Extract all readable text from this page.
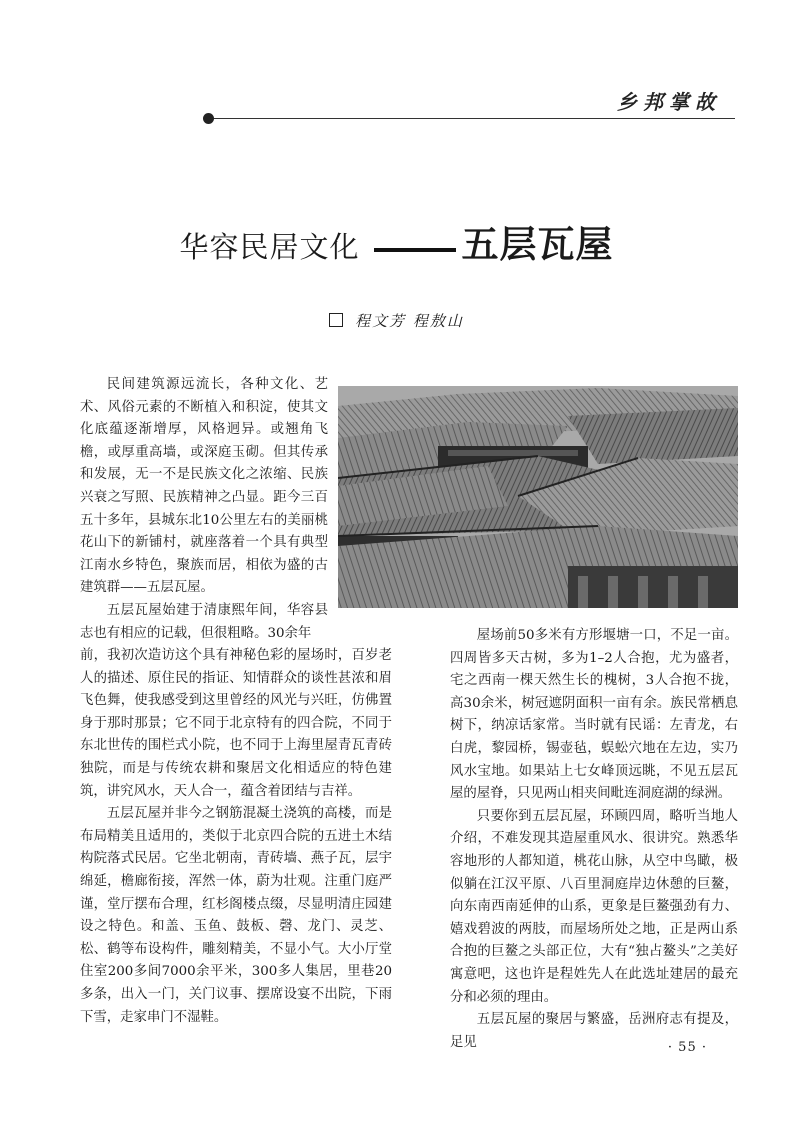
乡邦掌故
华容民居文化	五层瓦屋
程文芳 程敖山

民间建筑源远流长，各种文化、艺术、风俗元素的不断植入和积淀，使其文化底蕴逐渐增厚，风格迥异。或翘角飞檐，或厚重高墙，或深庭玉砌。但其传承和发展，无一不是民族文化之浓缩、民族兴衰之写照、民族精神之凸显。距今三百五十多年，县城东北10公里左右的美丽桃花山下的新铺村，就座落着一个具有典型江南水乡特色，聚族而居，相依为盛的古建筑群——五层瓦屋。

五层瓦屋始建于清康熙年间，华容县志也有相应的记载，但很粗略。30余年

前，我初次造访这个具有神秘色彩的屋场时，百岁老人的描述、原住民的指证、知情群众的谈性甚浓和眉飞色舞，使我感受到这里曾经的风光与兴旺，仿佛置身于那时那景；它不同于北京特有的四合院，不同于东北世传的围栏式小院，也不同于上海里屋青瓦青砖独院，而是与传统农耕和聚居文化相适应的特色建筑，讲究风水，天人合一，蕴含着团结与吉祥。

五层瓦屋并非今之钢筋混凝土浇筑的高楼，而是布局精美且适用的，类似于北京四合院的五进土木结构院落式民居。它坐北朝南，青砖墙、燕子瓦，层宇绵延，檐廊衔接，浑然一体，蔚为壮观。注重门庭严谨，堂厅摆布合理，红杉阁楼点缀，尽显明清庄园建设之特色。和盖、玉鱼、鼓板、磬、龙门、灵芝、松、鹤等布设构件，雕刻精美，不显小气。大小厅堂住室200多间7000余平米，300多人集居，里巷20多条，出入一门，关门议事、摆席设宴不出院，下雨下雪，走家串门不湿鞋。

屋场前50多米有方形堰塘一口，不足一亩。四周皆多天古树，多为1–2人合抱，尤为盛者，宅之西南一棵天然生长的槐树，3人合抱不拢，高30余米，树冠遮阴面积一亩有余。族民常栖息树下，纳凉话家常。当时就有民谣：左青龙，右白虎，黎园桥，锡壶毡，蜈蚣穴地在左边，实乃风水宝地。如果站上七女峰顶远眺，不见五层瓦屋的屋脊，只见两山相夹间毗连洞庭湖的绿洲。

只要你到五层瓦屋，环顾四周，略听当地人介绍，不难发现其造屋重风水、很讲究。熟悉华容地形的人都知道，桃花山脉，从空中鸟瞰，极似躺在江汉平原、八百里洞庭岸边休憩的巨鳌，向东南西南延伸的山系，更象是巨鳌强劲有力、嬉戏碧波的两肢，而屋场所处之地，正是两山系合抱的巨鳌之头部正位，大有“独占鳌头”之美好寓意吧，这也许是程姓先人在此选址建居的最充分和必须的理由。

五层瓦屋的聚居与繁盛，岳洲府志有提及，足见	· 55 ·
